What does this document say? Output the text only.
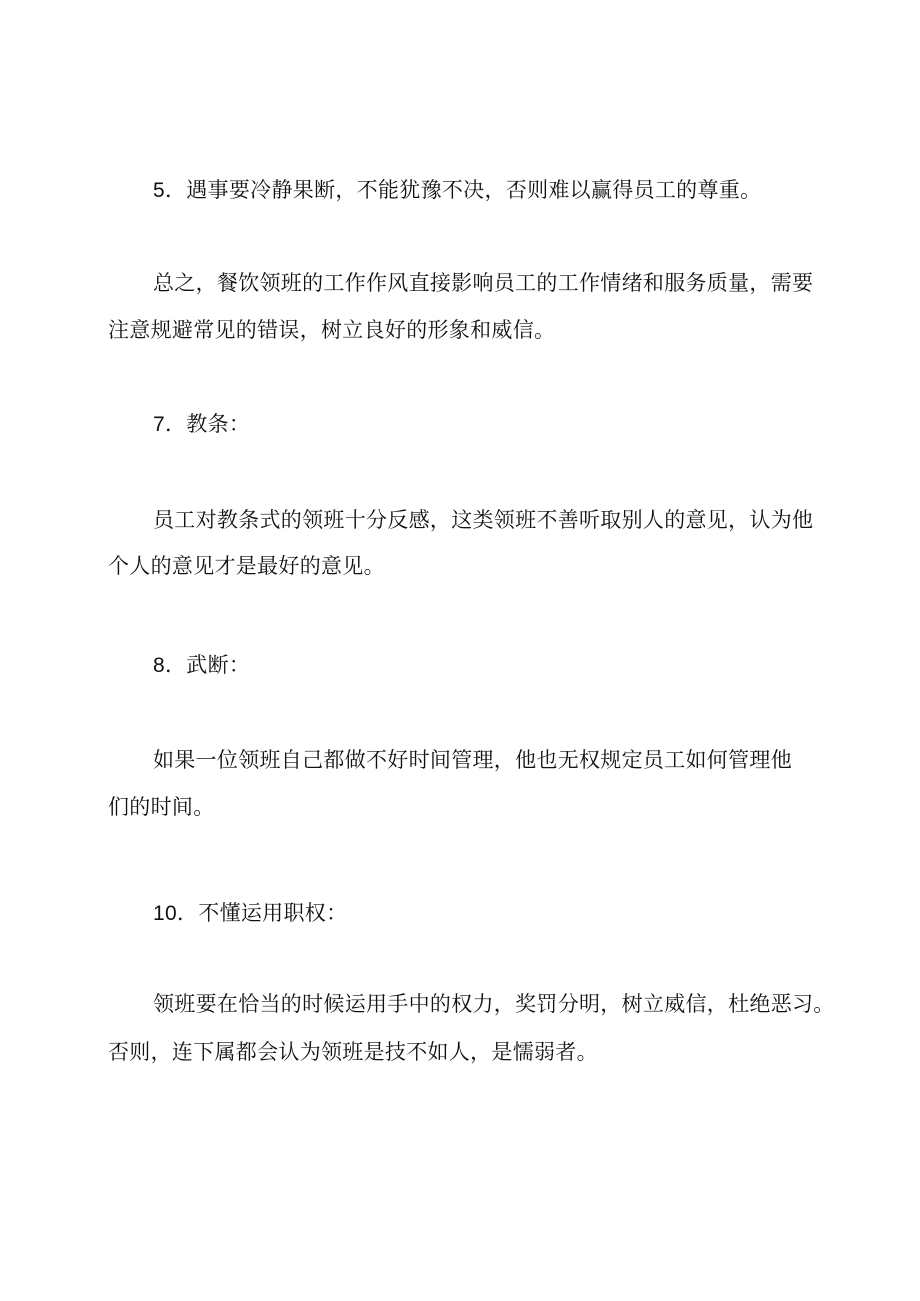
5．遇事要冷静果断，不能犹豫不决，否则难以赢得员工的尊重。
总之，餐饮领班的工作作风直接影响员工的工作情绪和服务质量，需要
注意规避常见的错误，树立良好的形象和威信。
7．教条：
员工对教条式的领班十分反感，这类领班不善听取别人的意见，认为他
个人的意见才是最好的意见。
8．武断：
如果一位领班自己都做不好时间管理，他也无权规定员工如何管理他
们的时间。
10．不懂运用职权：
领班要在恰当的时候运用手中的权力，奖罚分明，树立威信，杜绝恶习。
否则，连下属都会认为领班是技不如人，是懦弱者。
